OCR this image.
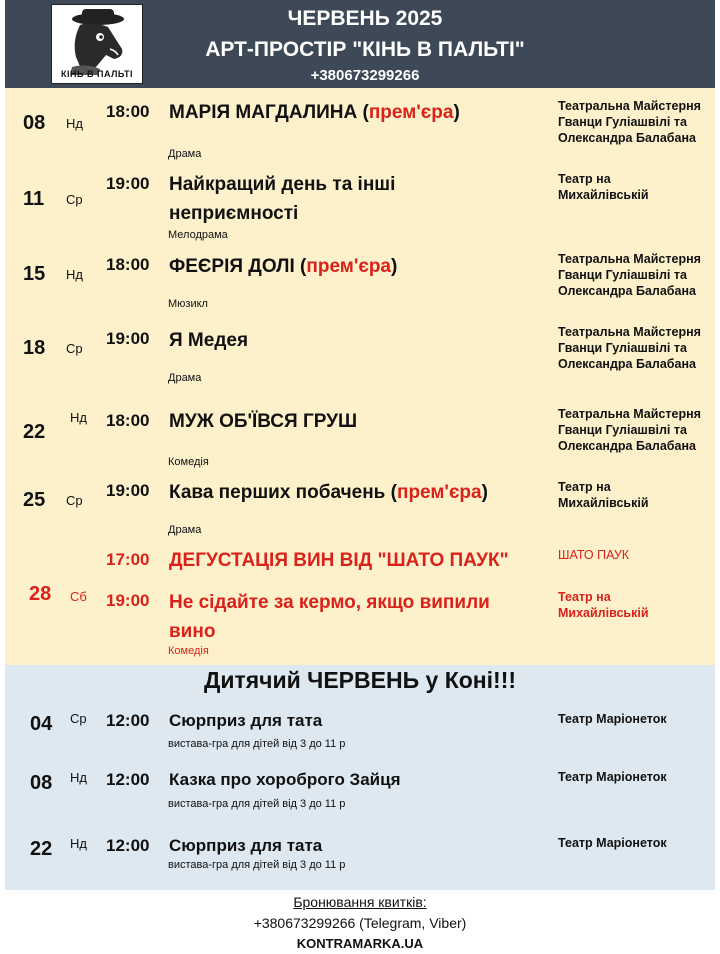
КІНЬ В ПАЛЬТІ
ЧЕРВЕНЬ 2025
АРТ-ПРОСТІР "КІНЬ В ПАЛЬТІ"
+380673299266
08 Нд
18:00 МАРІЯ МАГДАЛИНА (прем'єра)
Драма
Театральна Майстерня Гванци Гулiашвiлi та Олександра Балабана
11 Ср
19:00 Найкращий день та інші неприємності
Мелодрама
Театр на Михайлівській
15 Нд
18:00 ФЕЄРІЯ ДОЛІ (прем'єра)
Мюзикл
Театральна Майстерня Гванци Гулiашвiлi та Олександра Балабана
18 Ср
19:00 Я Медея
Драма
Театральна Майстерня Гванци Гулiашвiлi та Олександра Балабана
22
Нд 18:00 МУЖ ОБ'ЇВСЯ ГРУШ
Комедія
Театральна Майстерня Гванци Гулiашвiлi та Олександра Балабана
25 Ср
19:00 Кава перших побачень (прем'єра)
Драма
Театр на Михайлівській
28 Сб
17:00 ДЕГУСТАЦІЯ ВИН ВІД "ШАТО ПАУК"	ШАТО ПАУК
19:00 Не сідайте за кермо, якщо випили вино
Комедія
Театр на Михайлівській
Дитячий ЧЕРВЕНЬ у Коні!!!
04 Ср 12:00 Сюрприз для тата
вистава-гра для дітей від 3 до 11 р
Театр Маріонеток
08 Нд 12:00 Казка про хороброго Зайця
вистава-гра для дітей від 3 до 11 р
Театр Маріонеток
22 Нд 12:00 Сюрприз для тата
вистава-гра для дітей від 3 до 11 р
Театр Маріонеток
Бронювання квитків:
+380673299266 (Telegram, Viber)
KONTRAMARKA.UA
